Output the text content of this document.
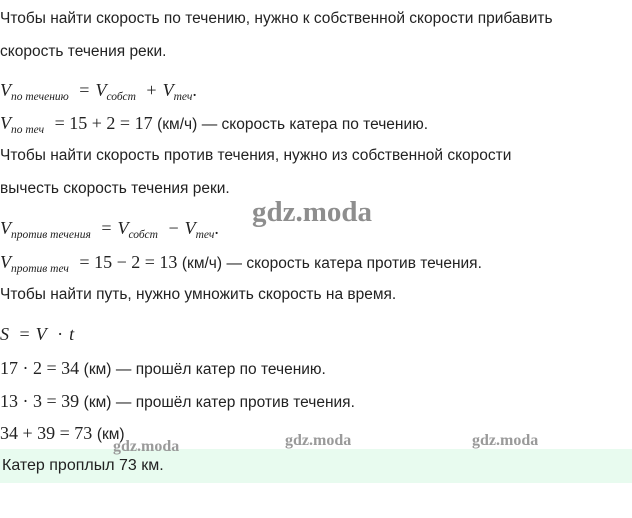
Чтобы найти скорость по течению, нужно к собственной скорости прибавить
скорость течения реки.
$V_{по течению} = V_{собст} + V_{теч}$.
$V_{по теч} = 15 + 2 = 17$ (км/ч) — скорость катера по течению.
Чтобы найти скорость против течения, нужно из собственной скорости
вычесть скорость течения реки.
$V_{против течения} = V_{собст} - V_{теч}$.
$V_{против теч} = 15 - 2 = 13$ (км/ч) — скорость катера против течения.
Чтобы найти путь, нужно умножить скорость на время.
S = V · t
17 · 2 = 34 (км) — прошёл катер по течению.
13 · 3 = 39 (км) — прошёл катер против течения.
34 + 39 = 73 (км)
Катер проплыл 73 км.
gdz.moda
gdz.moda	gdz.moda	gdz.moda
